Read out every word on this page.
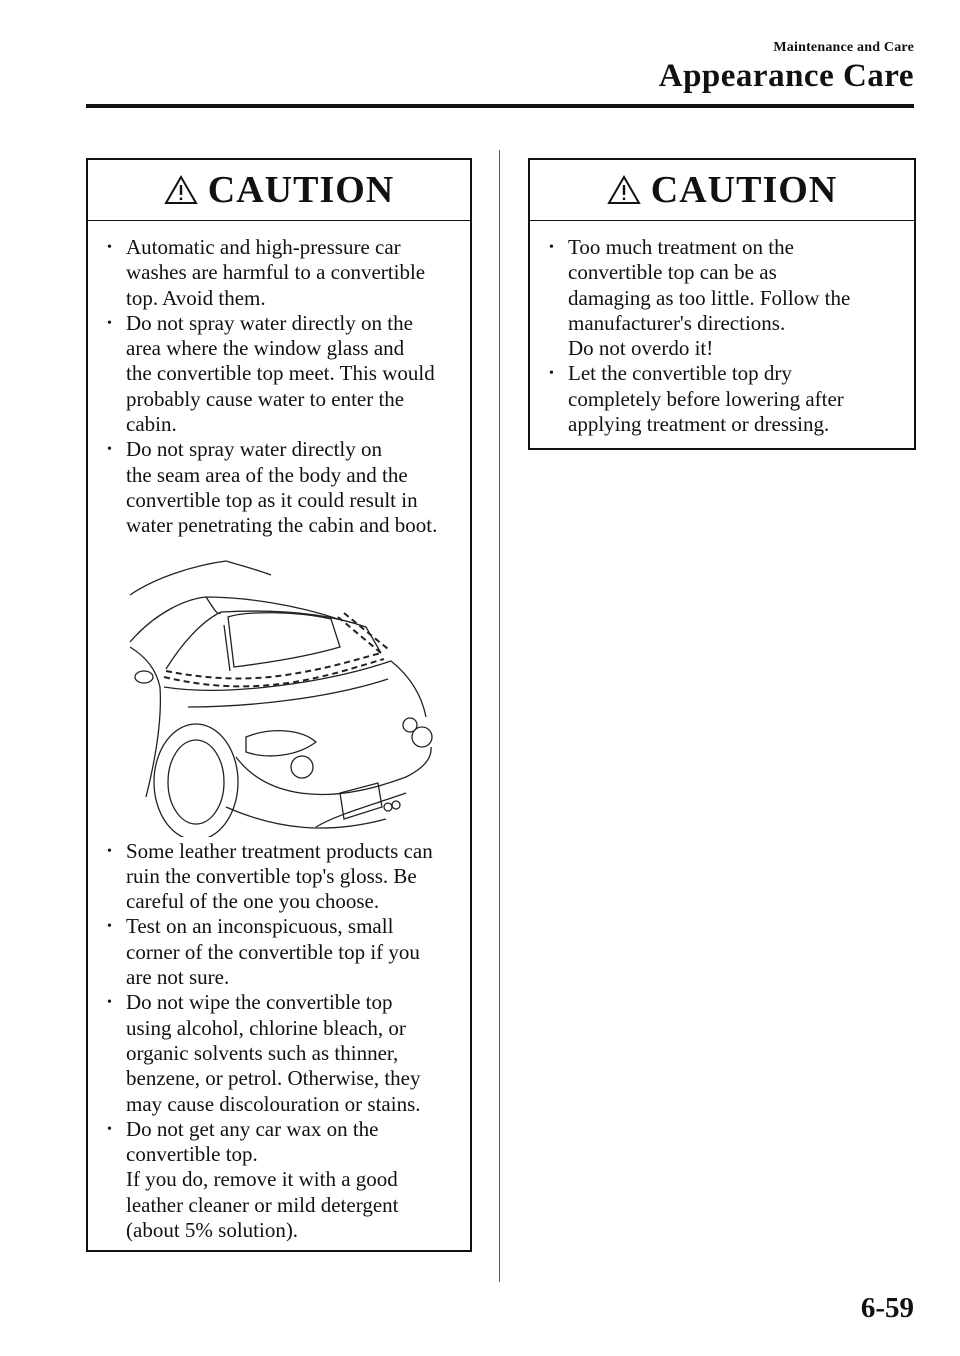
Maintenance and Care
Appearance Care
CAUTION
• Automatic and high-pressure car
washes are harmful to a convertible
top. Avoid them.
• Do not spray water directly on the
area where the window glass and
the convertible top meet. This would
probably cause water to enter the
cabin.
• Do not spray water directly on
the seam area of the body and the
convertible top as it could result in
water penetrating the cabin and boot.
• Some leather treatment products can
ruin the convertible top's gloss. Be
careful of the one you choose.
• Test on an inconspicuous, small
corner of the convertible top if you
are not sure.
• Do not wipe the convertible top
using alcohol, chlorine bleach, or
organic solvents such as thinner,
benzene, or petrol. Otherwise, they
may cause discolouration or stains.
• Do not get any car wax on the
convertible top.
If you do, remove it with a good
leather cleaner or mild detergent
(about 5% solution).
CAUTION
• Too much treatment on the
convertible top can be as
damaging as too little. Follow the
manufacturer's directions.
Do not overdo it!
• Let the convertible top dry
completely before lowering after
applying treatment or dressing.
6-59
